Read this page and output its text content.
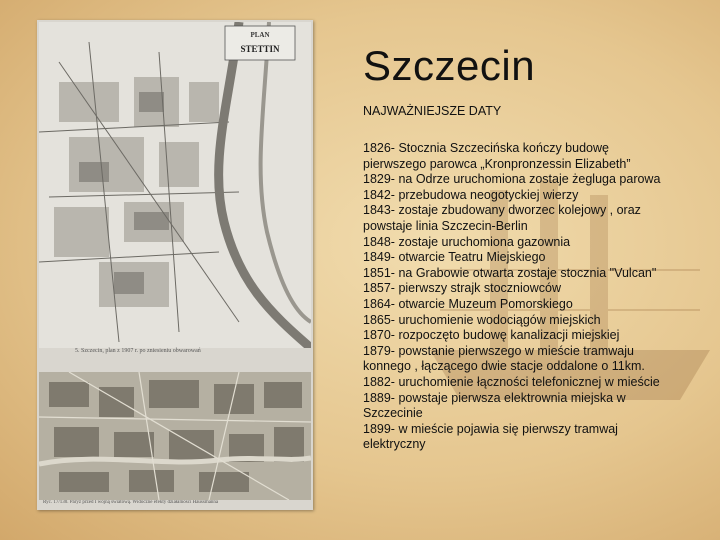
PLAN
STETTIN
5. Szczecin, plan z 1907 r. po zniesieniu obwarowań
Ryc. 17/130. Paryż przed I wojną światową. Widoczne efekty działalności Haussmanna
Szczecin
NAJWAŻNIEJSZE DATY
1826- Stocznia Szczecińska kończy budowę pierwszego parowca „Kronpronzessin Elizabeth”
1829- na Odrze uruchomiona zostaje żegluga parowa
1842- przebudowa neogotyckiej wierzy
1843- zostaje zbudowany dworzec kolejowy , oraz powstaje linia Szczecin-Berlin
1848- zostaje uruchomiona gazownia
1849- otwarcie Teatru Miejskiego
1851- na Grabowie otwarta zostaje stocznia "Vulcan"
1857- pierwszy strajk stoczniowców
1864- otwarcie Muzeum Pomorskiego
1865- uruchomienie wodociągów miejskich
1870- rozpoczęto budowę kanalizacji miejskiej
1879- powstanie pierwszego w mieście tramwaju konnego , łączącego dwie stacje oddalone o 11km.
1882- uruchomienie łączności telefonicznej w mieście
1889- powstaje pierwsza elektrownia miejska w Szczecinie
1899- w mieście pojawia się pierwszy tramwaj elektryczny
